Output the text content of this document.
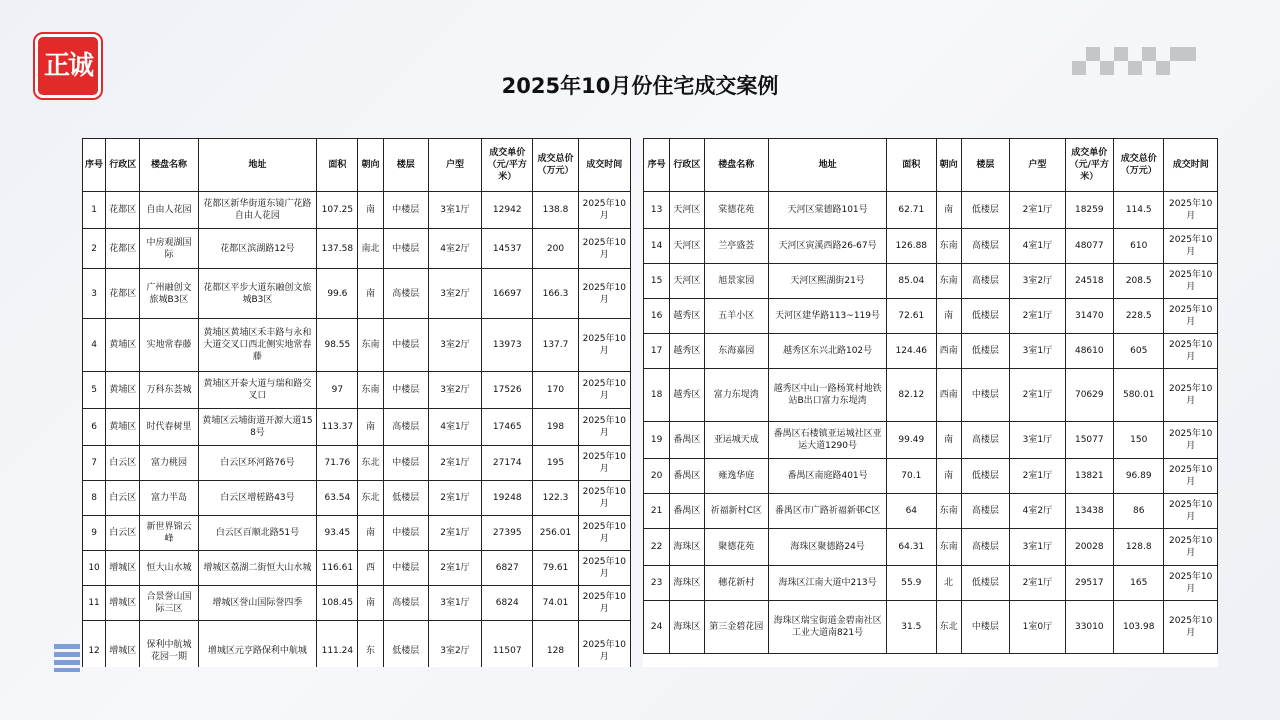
正诚
2025年10月份住宅成交案例
序号	行政区	楼盘名称	地址	面积	朝向	楼层	户型	成交单价（元/平方米）	成交总价（万元）	成交时间
1	花都区	自由人花园	花都区新华街道东镜广花路自由人花园	107.25	南	中楼层	3室1厅	12942	138.8	2025年10月
2	花都区	中房观湖国际	花都区滨湖路12号	137.58	南北	中楼层	4室2厅	14537	200	2025年10月
3	花都区	广州融创文旅城B3区	花都区平步大道东融创文旅城B3区	99.6	南	高楼层	3室2厅	16697	166.3	2025年10月
4	黄埔区	实地常春藤	黄埔区黄埔区禾丰路与永和大道交叉口西北侧实地常春藤	98.55	东南	中楼层	3室2厅	13973	137.7	2025年10月
5	黄埔区	万科东荟城	黄埔区开泰大道与瑞和路交叉口	97	东南	中楼层	3室2厅	17526	170	2025年10月
6	黄埔区	时代春树里	黄埔区云埔街道开源大道158号	113.37	南	高楼层	4室1厅	17465	198	2025年10月
7	白云区	富力桃园	白云区环河路76号	71.76	东北	中楼层	2室1厅	27174	195	2025年10月
8	白云区	富力半岛	白云区增槎路43号	63.54	东北	低楼层	2室1厅	19248	122.3	2025年10月
9	白云区	新世界锦云峰	白云区百顺北路51号	93.45	南	中楼层	2室1厅	27395	256.01	2025年10月
10	增城区	恒大山水城	增城区荔湖二街恒大山水城	116.61	西	中楼层	2室1厅	6827	79.61	2025年10月
11	增城区	合景誉山国际三区	增城区誉山国际誉四季	108.45	南	高楼层	3室1厅	6824	74.01	2025年10月
12	增城区	保利中航城花园一期	增城区元亨路保利中航城	111.24	东	低楼层	3室2厅	11507	128	2025年10月
序号	行政区	楼盘名称	地址	面积	朝向	楼层	户型	成交单价（元/平方米）	成交总价（万元）	成交时间
13	天河区	棠德花苑	天河区棠德路101号	62.71	南	低楼层	2室1厅	18259	114.5	2025年10月
14	天河区	兰亭盛荟	天河区寅溪西路26-67号	126.88	东南	高楼层	4室1厅	48077	610	2025年10月
15	天河区	旭景家园	天河区熙湖街21号	85.04	东南	高楼层	3室2厅	24518	208.5	2025年10月
16	越秀区	五羊小区	天河区建华路113~119号	72.61	南	低楼层	2室1厅	31470	228.5	2025年10月
17	越秀区	东海嘉园	越秀区东兴北路102号	124.46	西南	低楼层	3室1厅	48610	605	2025年10月
18	越秀区	富力东堤湾	越秀区中山一路杨箕村地铁站B出口富力东堤湾	82.12	西南	中楼层	2室1厅	70629	580.01	2025年10月
19	番禺区	亚运城天成	番禺区石楼镇亚运城社区亚运大道1290号	99.49	南	高楼层	3室1厅	15077	150	2025年10月
20	番禺区	雍逸华庭	番禺区南庭路401号	70.1	南	低楼层	2室1厅	13821	96.89	2025年10月
21	番禺区	祈福新村C区	番禺区市广路祈福新邨C区	64	东南	高楼层	4室2厅	13438	86	2025年10月
22	海珠区	聚德花苑	海珠区聚德路24号	64.31	东南	高楼层	3室1厅	20028	128.8	2025年10月
23	海珠区	穗花新村	海珠区江南大道中213号	55.9	北	低楼层	2室1厅	29517	165	2025年10月
24	海珠区	第三金碧花园	海珠区瑞宝街道金碧南社区工业大道南821号	31.5	东北	中楼层	1室0厅	33010	103.98	2025年10月
